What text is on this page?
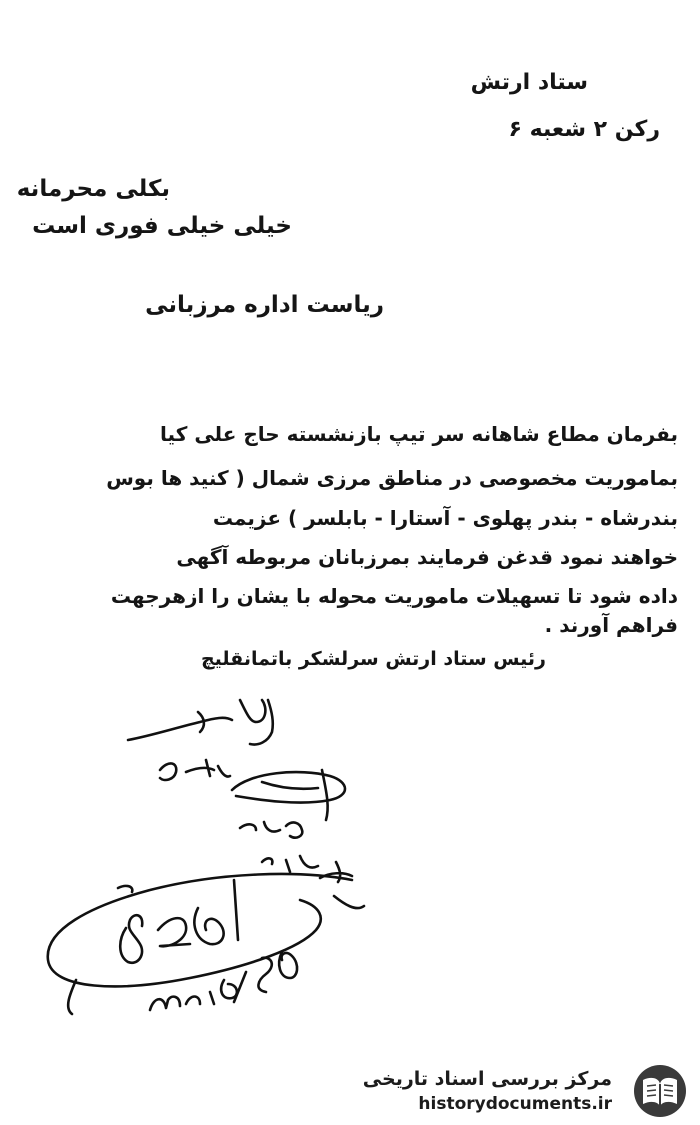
ستاد ارتش
رکن ۲ شعبه ۶
بکلی محرمانه
خیلی خیلی فوری است
ریاست اداره مرزبانی
بفرمان مطاع شاهانه سر تیپ بازنشسته حاج علی کیا
بماموریت مخصوصی در مناطق مرزی شمال ( کنید ها بوس
بندرشاه - بندر پهلوی - آستارا - بابلسر ) عزیمت
خواهند نمود قدغن فرمایند بمرزبانان مربوطه آگهی
داده شود تا تسهیلات ماموریت محوله با یشان را ازهرجهت
فراهم آورند .
رئیس ستاد ارتش سرلشکر باتمانقلیچ
مرکز بررسی اسناد تاریخی
historydocuments.ir
